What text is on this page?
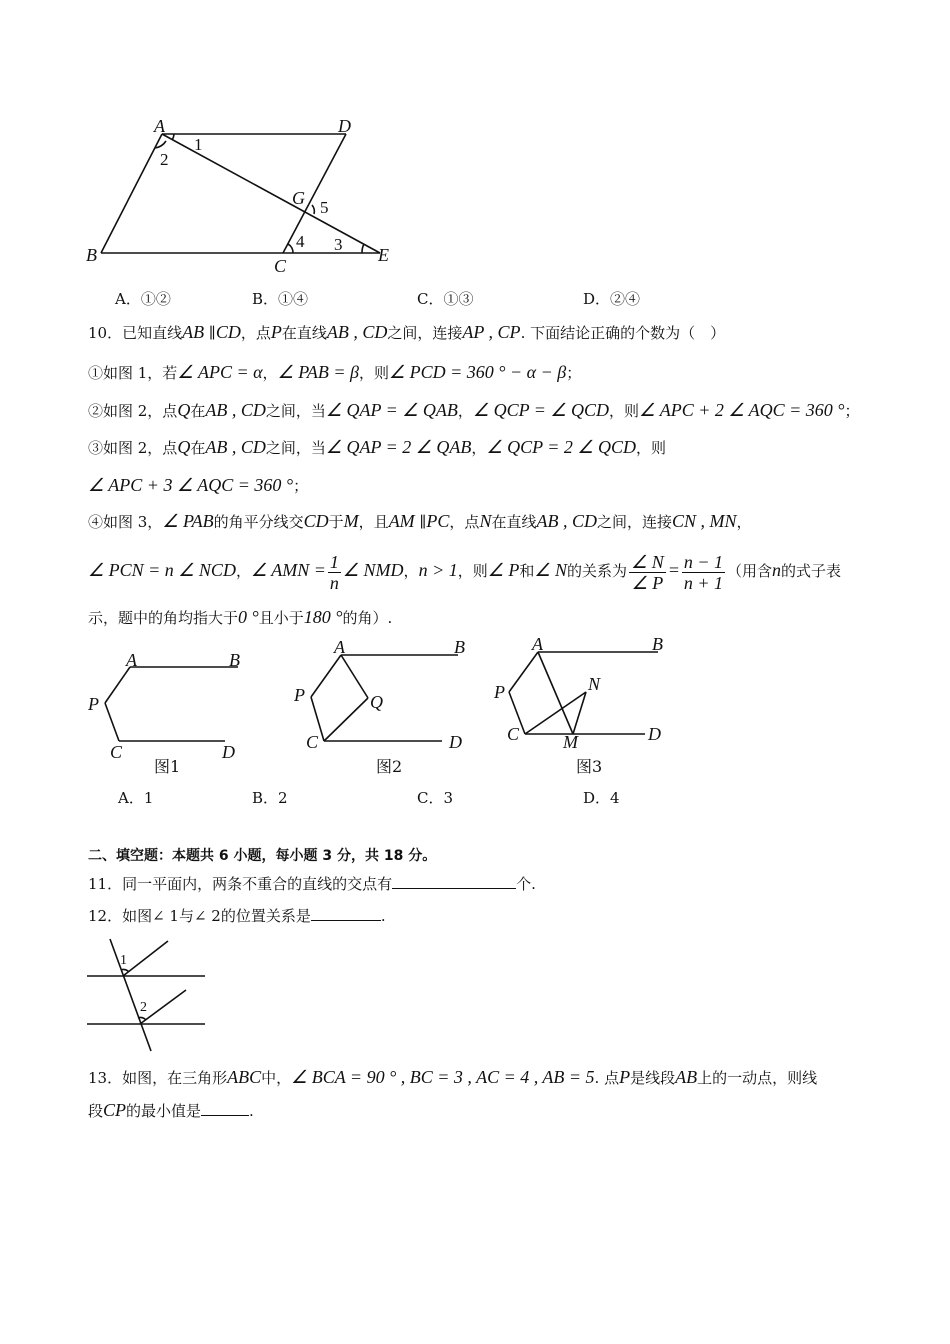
A	D
B
C
E
G
1
2
5
4 3
A．①②	B．①④	C．①③	D．②④
10．已知直线AB ∥CD，点P在直线AB , CD之间，连接AP , CP. 下面结论正确的个数为（　）
①如图 1，若∠ APC = α，∠ PAB = β，则∠ PCD = 360 ° − α − β；
②如图 2，点Q在AB , CD之间，当∠ QAP = ∠ QAB，∠ QCP = ∠ QCD，则∠ APC + 2 ∠ AQC = 360 °；
③如图 2，点Q在AB , CD之间，当∠ QAP = 2 ∠ QAB，∠ QCP = 2 ∠ QCD，则
∠ APC + 3 ∠ AQC = 360 °；
④如图 3，∠ PAB的角平分线交CD于M，且AM ∥PC，点N在直线AB , CD之间，连接CN , MN，
∠ PCN = n ∠ NCD，∠ AMN = $\frac{1}{n}$ ∠ NMD，n > 1，则∠ P和∠ N的关系为 $\frac{\angle N}{\angle P} = \frac{n - 1}{n + 1}$ （用含n的式子表
示，题中的角均指大于0 °且小于180 °的角）.
A	B
P
C	D
图1
A	B
P	Q
C	D
图2
A	B
P	N
C M	D
图3
A．1	B．2	C．3	D．4
二、填空题：本题共 6 小题，每小题 3 分，共 18 分。
11．同一平面内，两条不重合的直线的交点有	个.
12．如图∠ 1与∠ 2的位置关系是	.
1
2
13．如图，在三角形ABC中，∠ BCA = 90 ° , BC = 3 , AC = 4 , AB = 5. 点P是线段AB上的一动点，则线
段CP的最小值是	.
